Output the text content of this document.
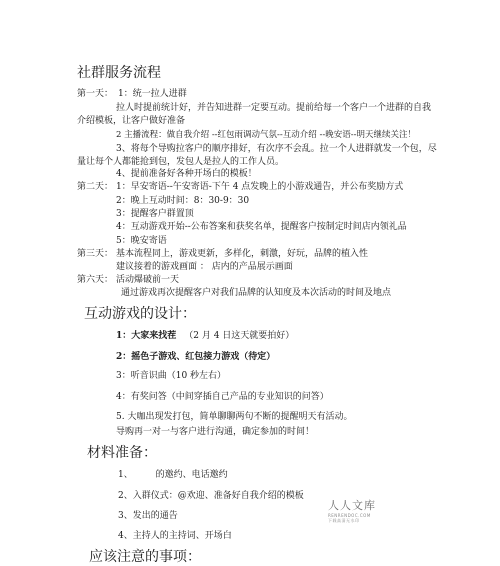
社群服务流程
第一天： 1：统一拉人进群
拉人时提前统计好，并告知进群一定要互动。提前给每一个客户一个进群的自我
介绍模板，让客户做好准备
2 主播流程：做自我介绍 --红包雨调动气氛--互动介绍 --晚安语--明天继续关注！
3、将每个导购拉客户的顺序排好，有次序不会乱。拉一个人进群就发一个包，尽
量让每个人都能抢到包，发包人是拉人的工作人员。
4、提前准备好各种开场白的模板！
第二天： 1：早安寄语--午安寄语-下午 4 点发晚上的小游戏通告，并公布奖励方式
2：晚上互动时间：8：30-9：30
3：提醒客户群置顶
4：互动游戏开始--公布答案和获奖名单，提醒客户按制定时间店内领礼品
5：晚安寄语
第三天： 基本流程同上，游戏更新，多样化，刺激，好玩，品牌的植入性
建议接着的游戏画面 ： 店内的产品展示画面
第六天： 活动爆破前一天
通过游戏再次提醒客户对我们品牌的认知度及本次活动的时间及地点
互动游戏的设计：
1：大家来找茬 （2 月 4 日这天就要拍好）
2：摇色子游戏、红包接力游戏（待定）
3：听音识曲（10 秒左右）
4：有奖问答（中间穿插自己产品的专业知识的问答）
5. 大咖出现发打包，简单聊聊两句不断的提醒明天有活动。
导购再一对一与客户进行沟通，确定参加的时间！
材料准备：
1、        的邀约、电话邀约
2、入群仪式：@欢迎、准备好自我介绍的模板
3、发出的通告
4、主持人的主持词、开场白
应该注意的事项：
人人文库
RENRENDOC.COM
下载高清无水印
